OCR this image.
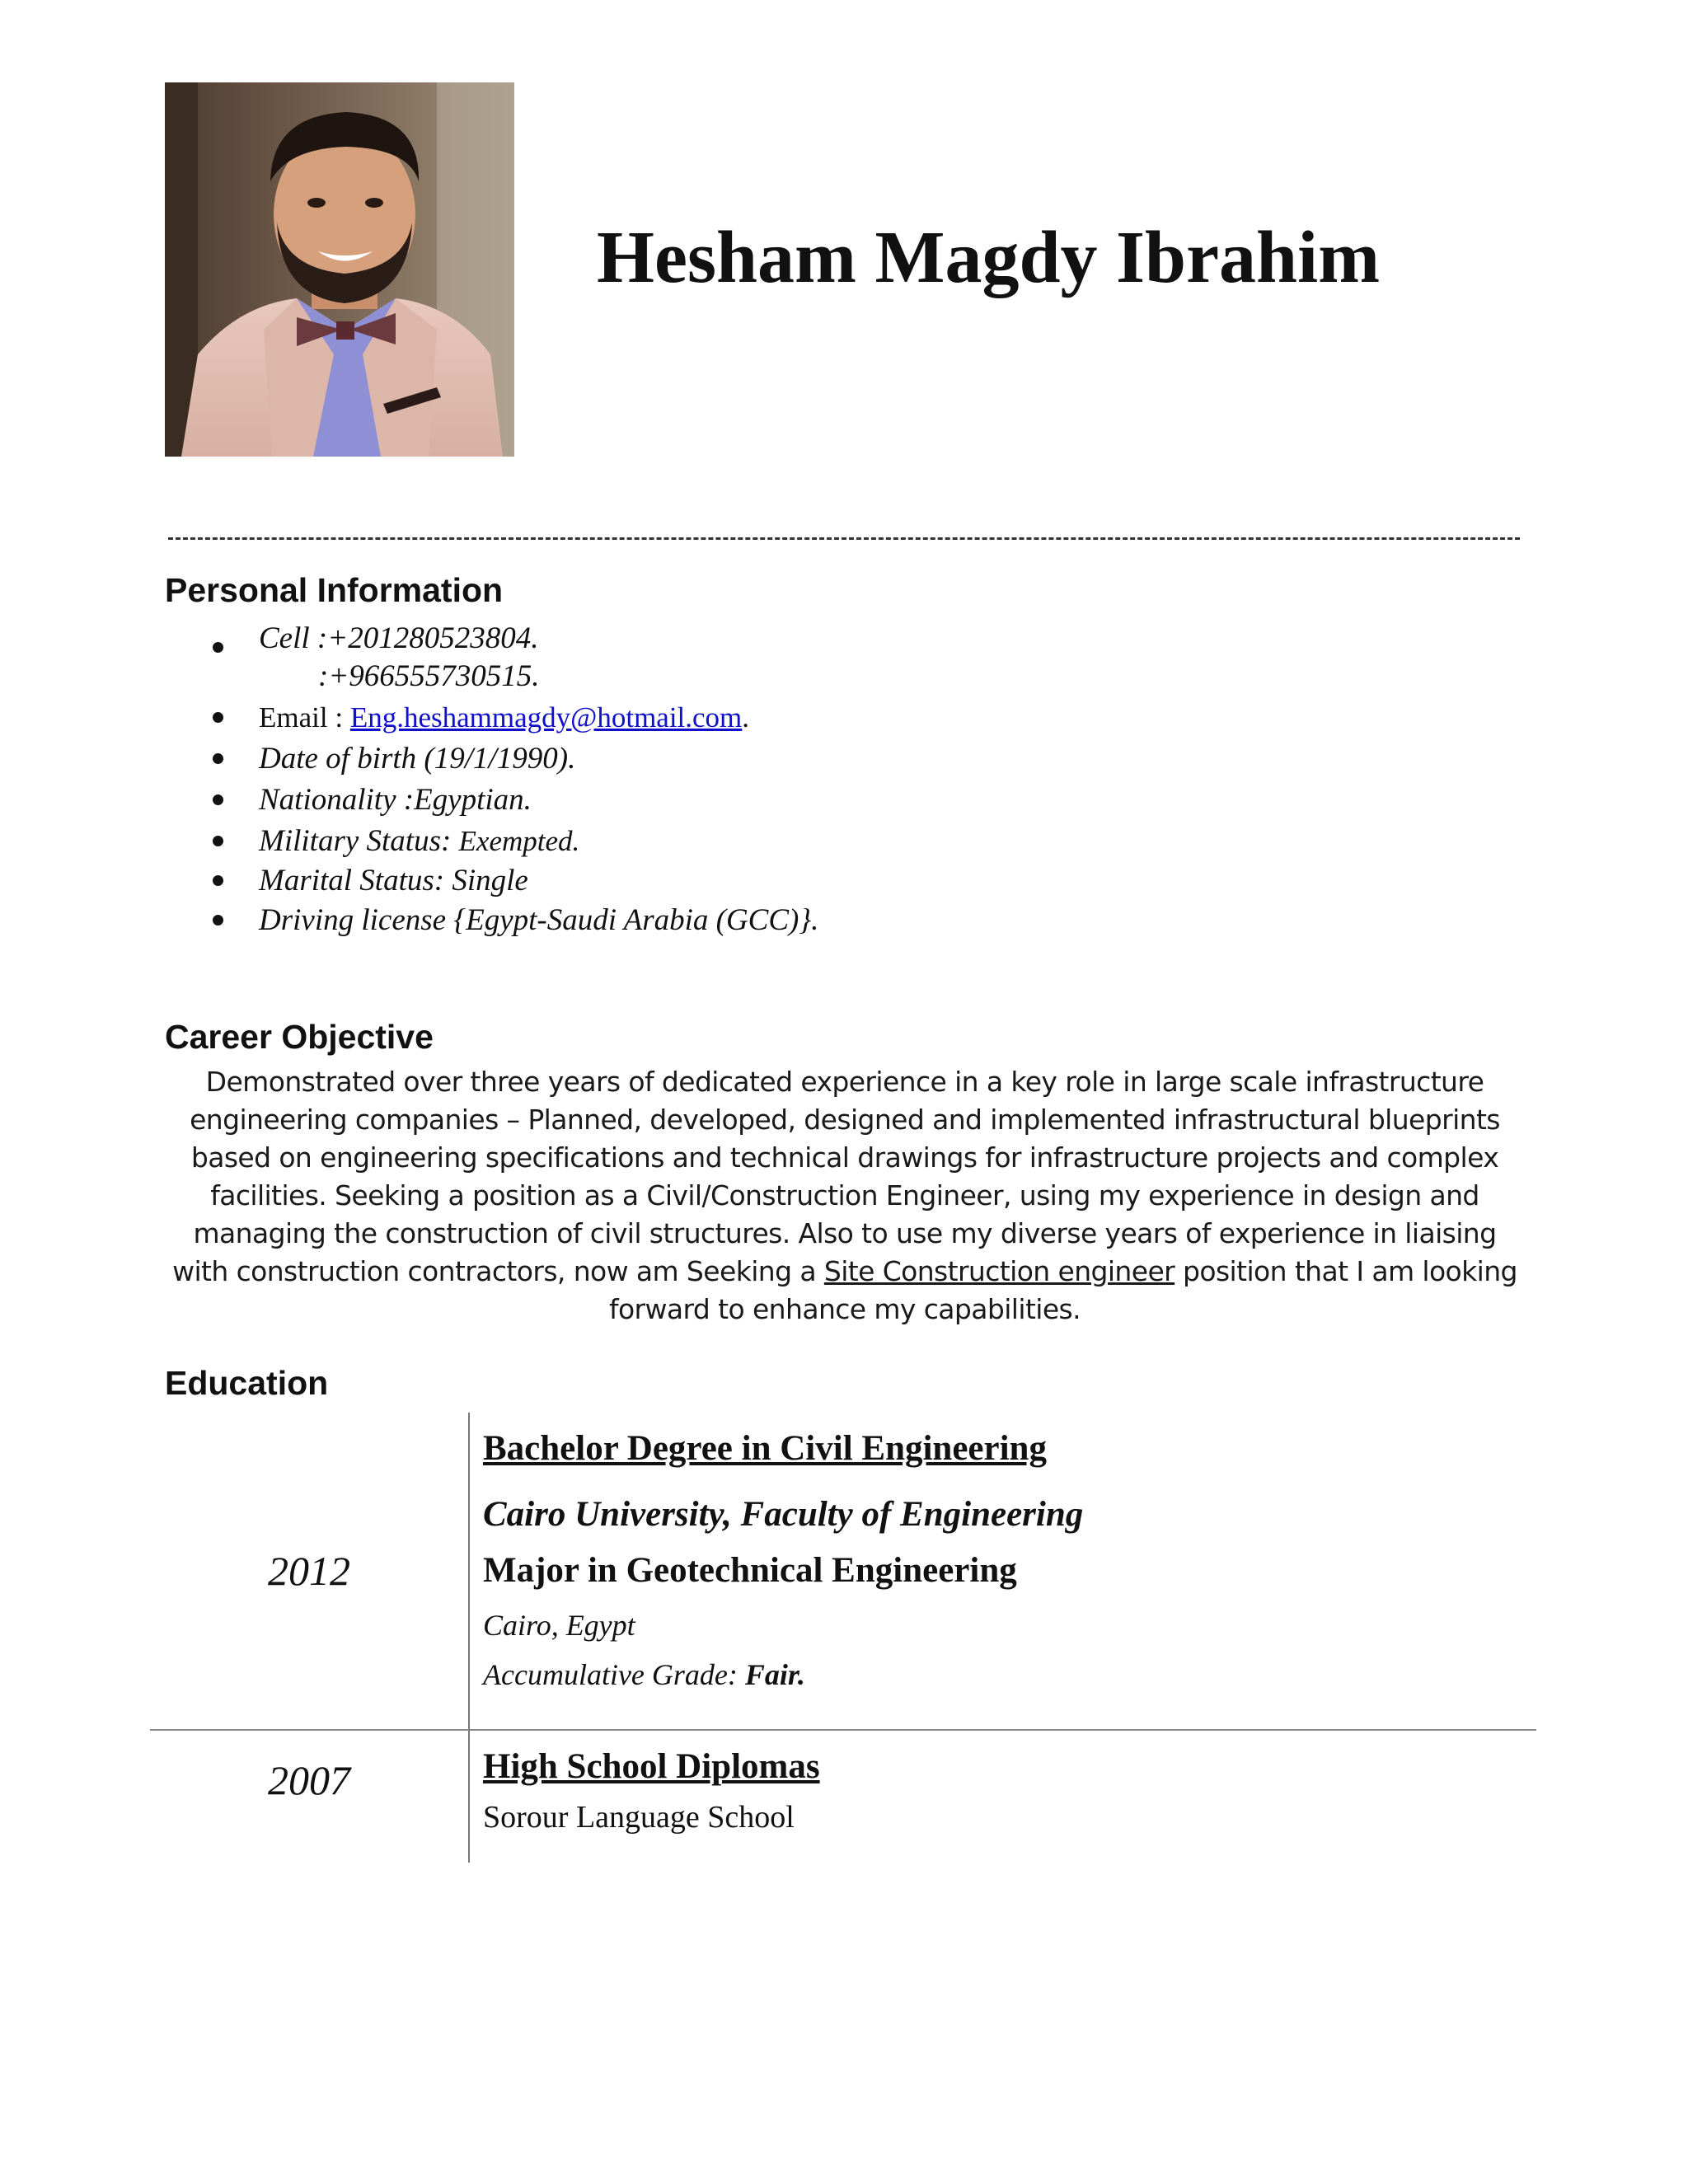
Hesham Magdy Ibrahim
Personal Information
Cell :+201280523804.
:+966555730515.
Email : Eng.heshammagdy@hotmail.com.
Date of birth (19/1/1990).
Nationality :Egyptian.
Military Status: Exempted.
Marital Status: Single
Driving license {Egypt-Saudi Arabia (GCC)}.
Career Objective

Demonstrated over three years of dedicated experience in a key role in large scale infrastructure engineering companies – Planned, developed, designed and implemented infrastructural blueprints based on engineering specifications and technical drawings for infrastructure projects and complex facilities. Seeking a position as a Civil/Construction Engineer, using my experience in design and managing the construction of civil structures. Also to use my diverse years of experience in liaising with construction contractors, now am Seeking a Site Construction engineer position that I am looking forward to enhance my capabilities.

Education
2012

Bachelor Degree in Civil Engineering

Cairo University, Faculty of Engineering

Major in Geotechnical Engineering

Cairo, Egypt

Accumulative Grade: Fair.

2007	High School Diplomas

Sorour Language School
